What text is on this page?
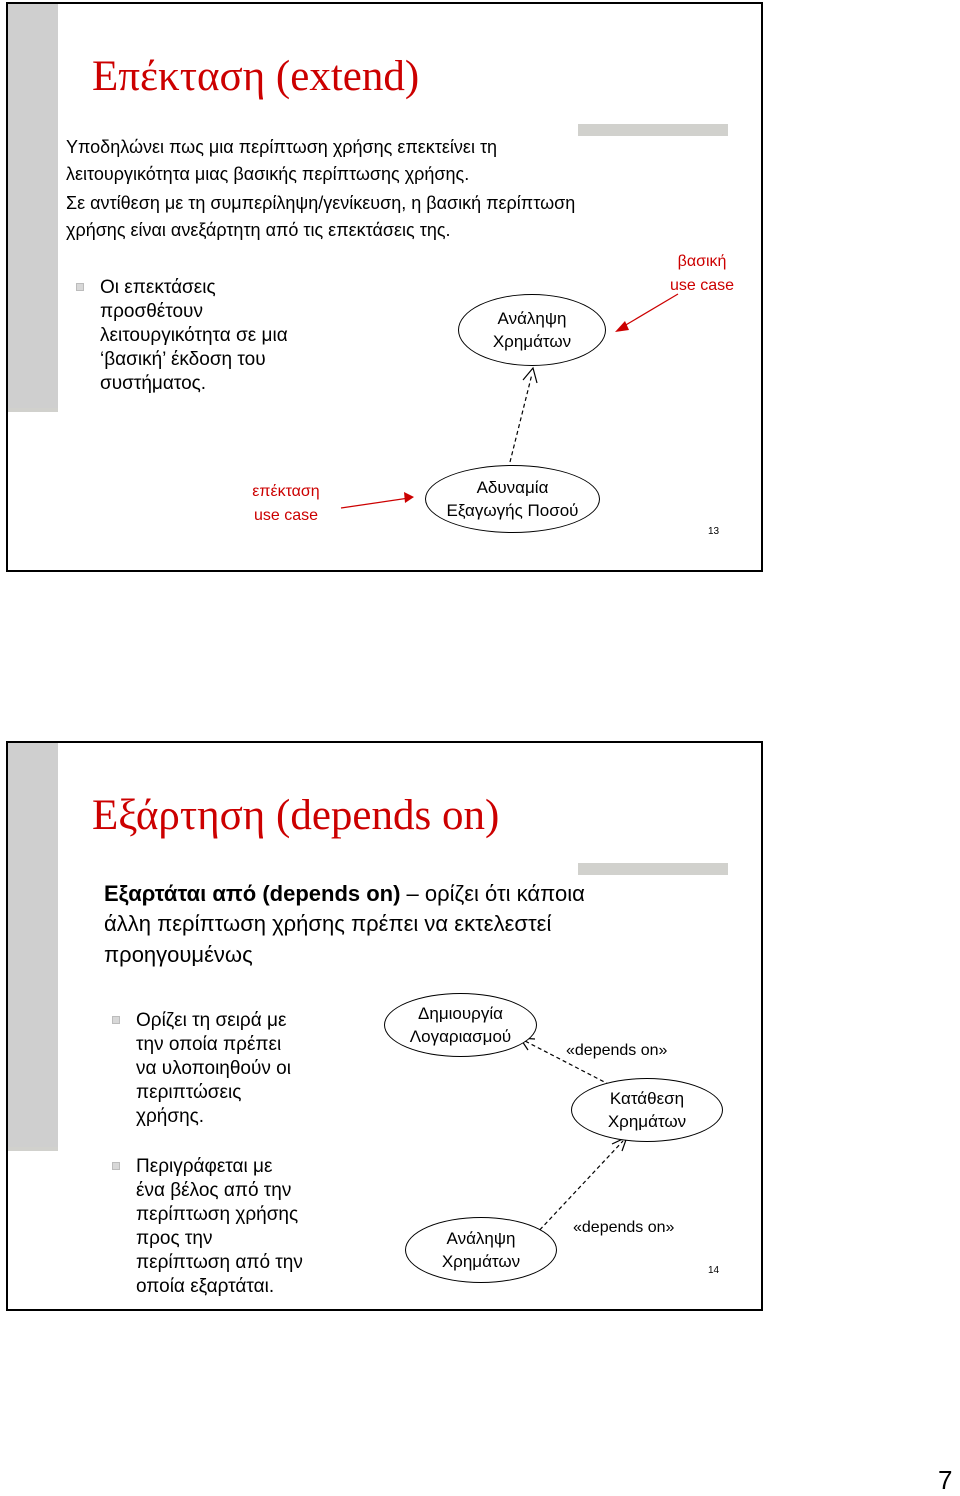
Επέκταση (extend)

Υποδηλώνει πως μια περίπτωση χρήσης επεκτείνει τη

λειτουργικότητα μιας βασικής περίπτωσης χρήσης.

Σε αντίθεση με τη συμπερίληψη/γενίκευση, η βασική περίπτωση

χρήσης είναι ανεξάρτητη από τις επεκτάσεις της.

Οι επεκτάσεις
προσθέτουν
λειτουργικότητα σε μια
‘βασική’ έκδοση του
συστήματος.
Ανάληψη
Χρημάτων
Αδυναμία
Εξαγωγής Ποσού
βασική
use case
επέκταση
use case
13
Εξάρτηση (depends on)

Εξαρτάται από (depends on) – ορίζει ότι κάποια

άλλη περίπτωση χρήσης πρέπει να εκτελεστεί

προηγουμένως

Ορίζει τη σειρά με
την οποία πρέπει
να υλοποιηθούν οι
περιπτώσεις
χρήσης.
Περιγράφεται με
ένα βέλος από την
περίπτωση χρήσης
προς την
περίπτωση από την
οποία εξαρτάται.
Δημιουργία
Λογαριασμού
Κατάθεση
Χρημάτων
Ανάληψη
Χρημάτων
«depends on»
«depends on»
14
7
